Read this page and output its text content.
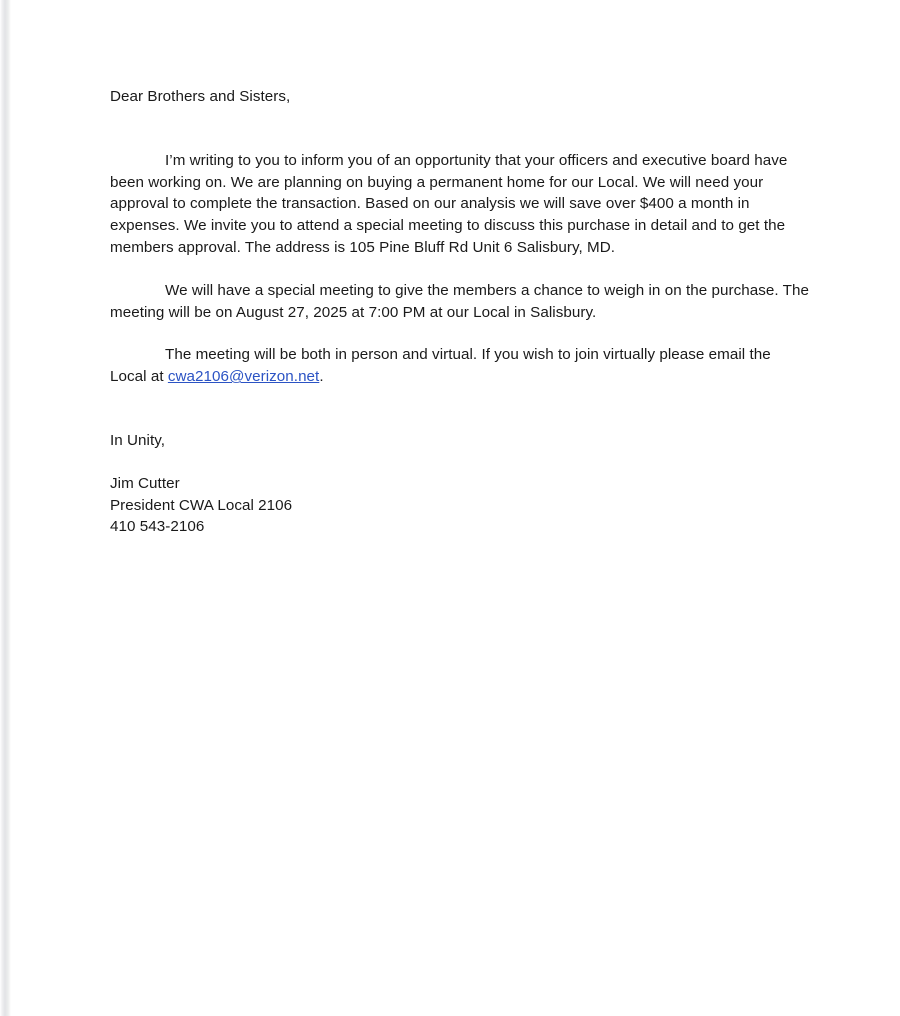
Dear Brothers and Sisters,

I’m writing to you to inform you of an opportunity that your officers and executive board have been working on. We are planning on buying a permanent home for our Local. We will need your approval to complete the transaction. Based on our analysis we will save over $400 a month in expenses. We invite you to attend a special meeting to discuss this purchase in detail and to get the members approval. The address is 105 Pine Bluff Rd Unit 6 Salisbury, MD.

We will have a special meeting to give the members a chance to weigh in on the purchase. The meeting will be on August 27, 2025 at 7:00 PM at our Local in Salisbury.

The meeting will be both in person and virtual. If you wish to join virtually please email the Local at cwa2106@verizon.net.

In Unity,

Jim Cutter

President CWA Local 2106

410 543-2106
